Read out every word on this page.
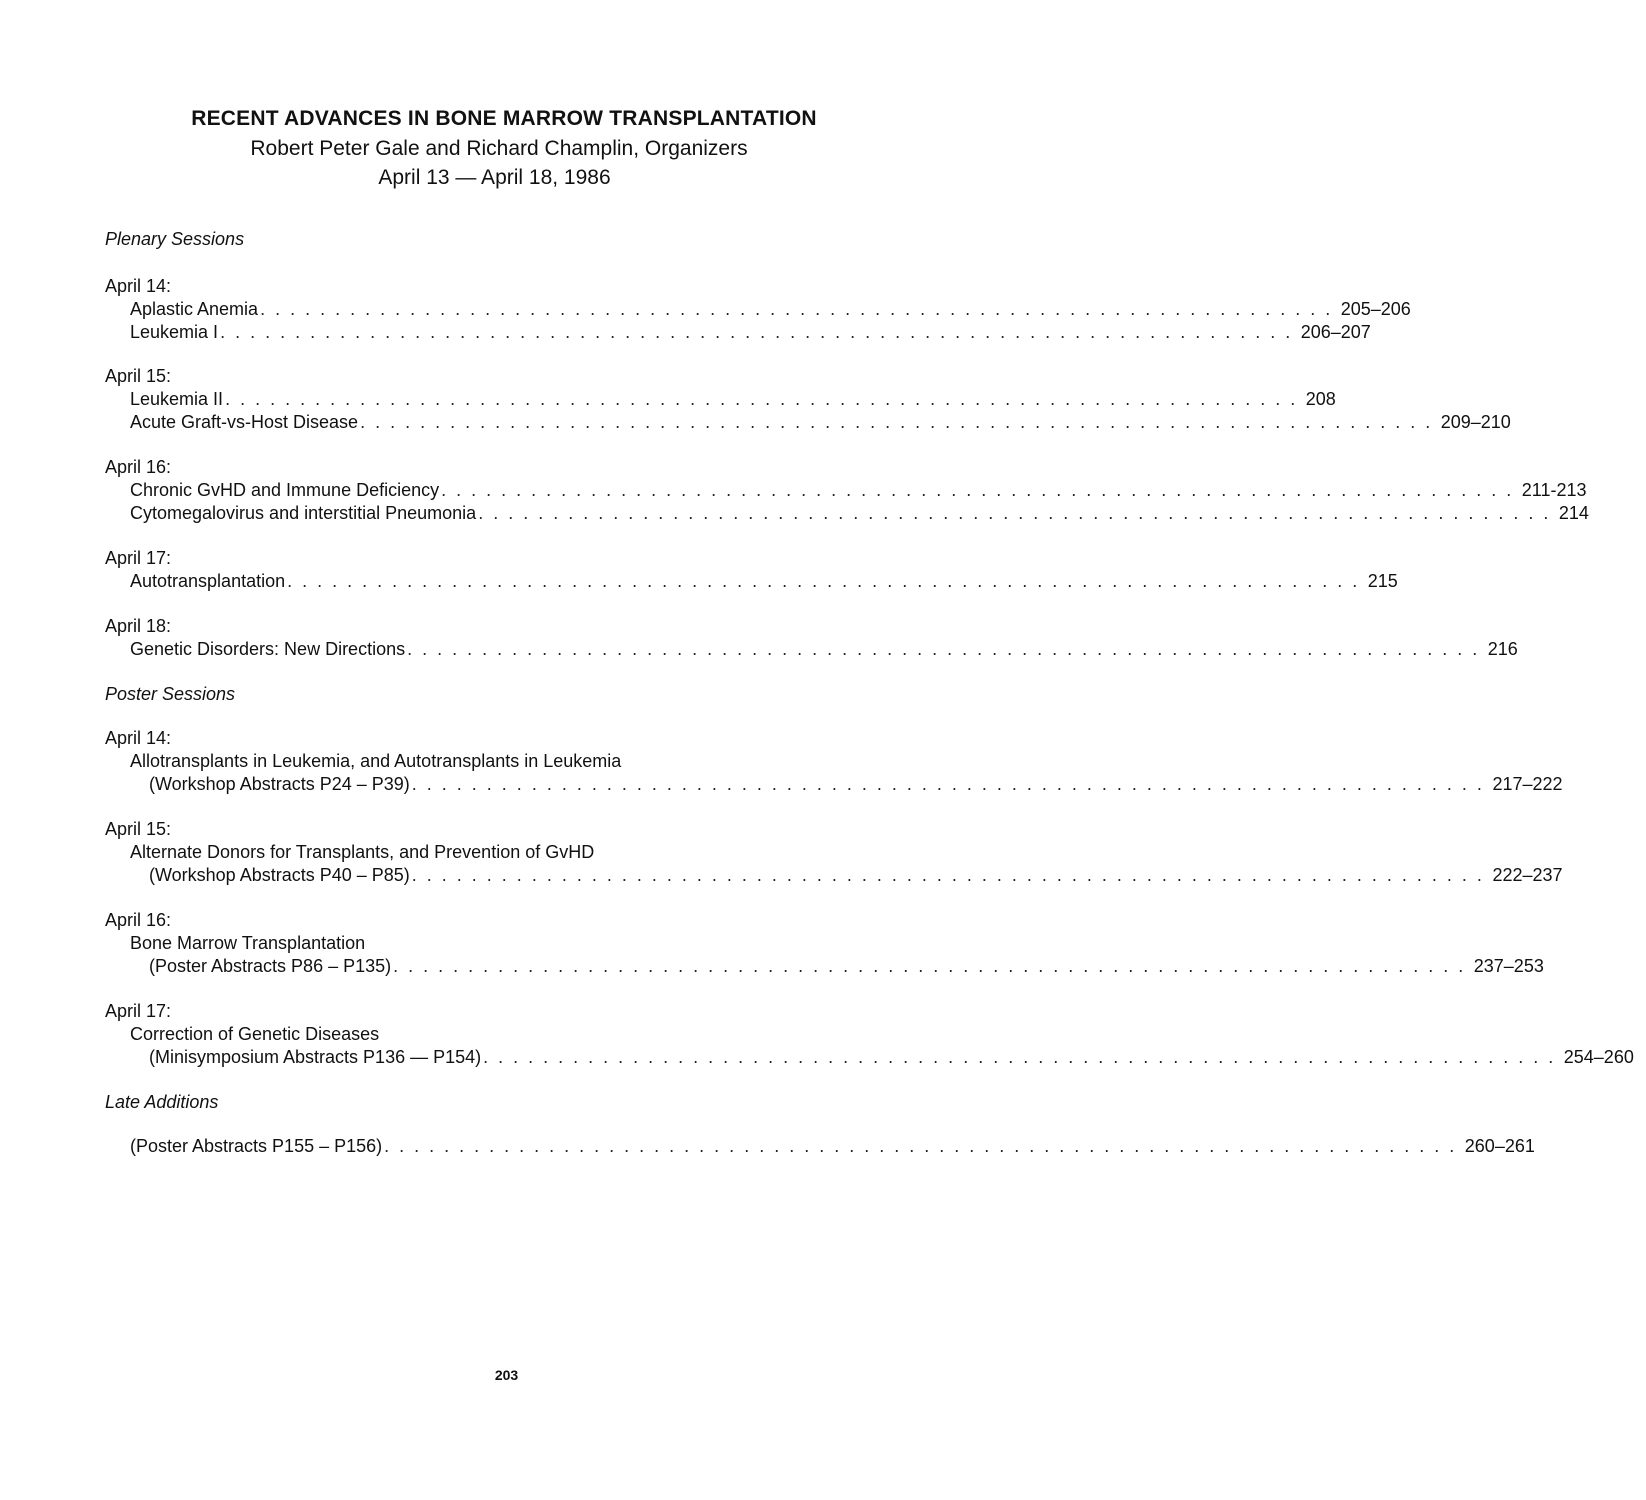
RECENT ADVANCES IN BONE MARROW TRANSPLANTATION
Robert Peter Gale and Richard Champlin, Organizers
April 13 — April 18, 1986
Plenary Sessions
April 14:
Aplastic Anemia . . . . . . . . . . . . . . . . . . . . . . . . . . . . . . . . . . . . . . . . . . . . . . . . . . . . . . . . . . . . . . . . . . . . . . . . 205–206
Leukemia I . . . . . . . . . . . . . . . . . . . . . . . . . . . . . . . . . . . . . . . . . . . . . . . . . . . . . . . . . . . . . . . . . . . . . . . . 206–207
April 15:
Leukemia II . . . . . . . . . . . . . . . . . . . . . . . . . . . . . . . . . . . . . . . . . . . . . . . . . . . . . . . . . . . . . . . . . . . . . . . . 208
Acute Graft-vs-Host Disease . . . . . . . . . . . . . . . . . . . . . . . . . . . . . . . . . . . . . . . . . . . . . . . . . . . . . . . . . . . . . . . . . . . . . . . . 209–210
April 16:
Chronic GvHD and Immune Deficiency . . . . . . . . . . . . . . . . . . . . . . . . . . . . . . . . . . . . . . . . . . . . . . . . . . . . . . . . . . . . . . . . . . . . . . . . 211-213
Cytomegalovirus and interstitial Pneumonia . . . . . . . . . . . . . . . . . . . . . . . . . . . . . . . . . . . . . . . . . . . . . . . . . . . . . . . . . . . . . . . . . . . . . . . . 214
April 17:
Autotransplantation . . . . . . . . . . . . . . . . . . . . . . . . . . . . . . . . . . . . . . . . . . . . . . . . . . . . . . . . . . . . . . . . . . . . . . . . 215
April 18:
Genetic Disorders: New Directions . . . . . . . . . . . . . . . . . . . . . . . . . . . . . . . . . . . . . . . . . . . . . . . . . . . . . . . . . . . . . . . . . . . . . . . . 216
Poster Sessions
April 14:
Allotransplants in Leukemia, and Autotransplants in Leukemia
(Workshop Abstracts P24 – P39) . . . . . . . . . . . . . . . . . . . . . . . . . . . . . . . . . . . . . . . . . . . . . . . . . . . . . . . . . . . . . . . . . . . . . . . . 217–222
April 15:
Alternate Donors for Transplants, and Prevention of GvHD
(Workshop Abstracts P40 – P85) . . . . . . . . . . . . . . . . . . . . . . . . . . . . . . . . . . . . . . . . . . . . . . . . . . . . . . . . . . . . . . . . . . . . . . . . 222–237
April 16:
Bone Marrow Transplantation
(Poster Abstracts P86 – P135) . . . . . . . . . . . . . . . . . . . . . . . . . . . . . . . . . . . . . . . . . . . . . . . . . . . . . . . . . . . . . . . . . . . . . . . . 237–253
April 17:
Correction of Genetic Diseases
(Minisymposium Abstracts P136 — P154) . . . . . . . . . . . . . . . . . . . . . . . . . . . . . . . . . . . . . . . . . . . . . . . . . . . . . . . . . . . . . . . . . . . . . . . . 254–260
Late Additions
(Poster Abstracts P155 – P156) . . . . . . . . . . . . . . . . . . . . . . . . . . . . . . . . . . . . . . . . . . . . . . . . . . . . . . . . . . . . . . . . . . . . . . . . 260–261
203
